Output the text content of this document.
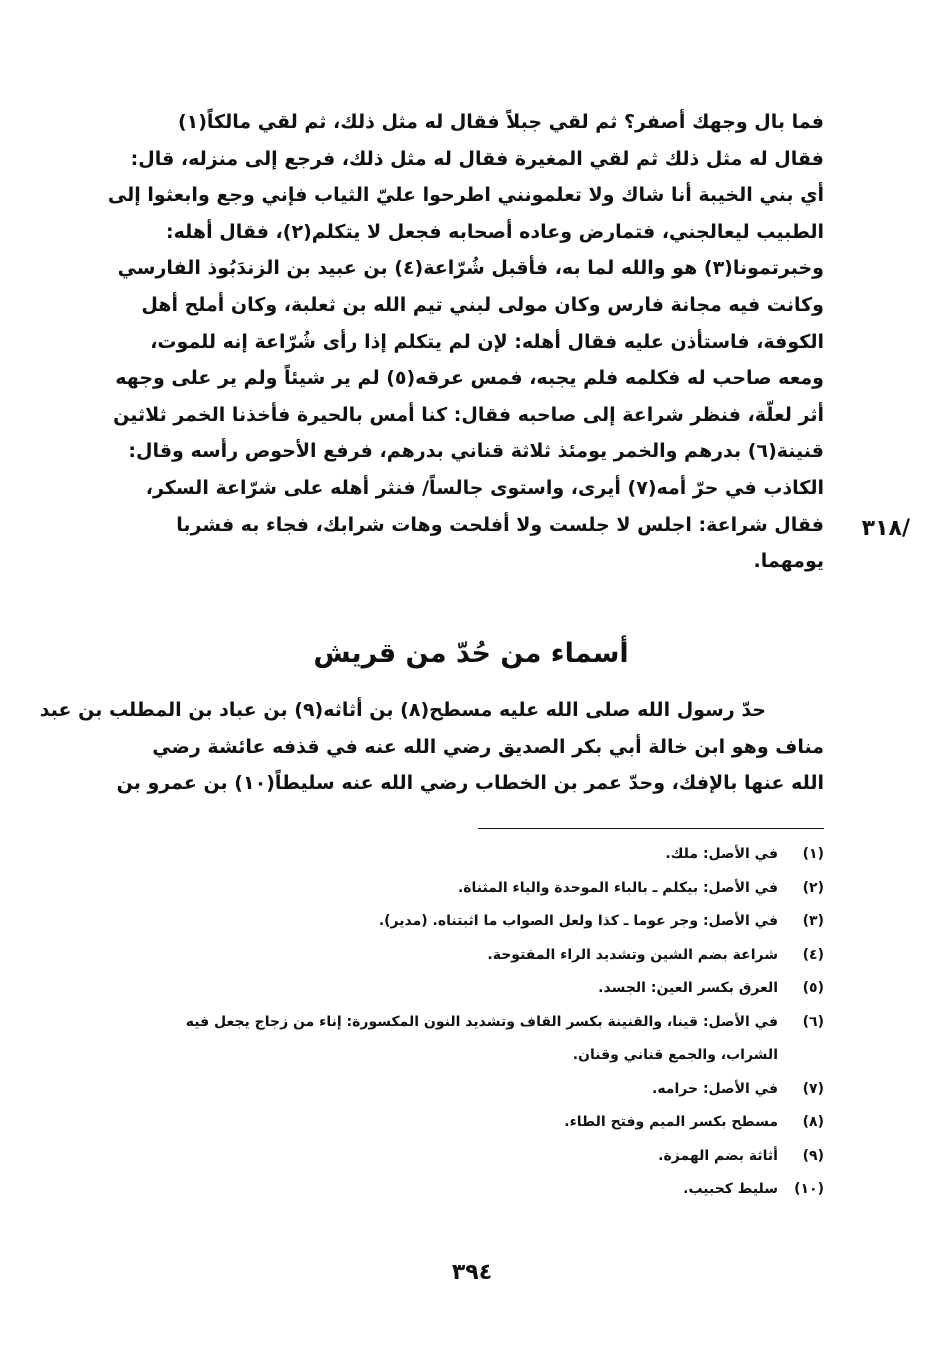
فما بال وجهك أصفر؟ ثم لقي جبلاً فقال له مثل ذلك، ثم لقي مالكاً(١)
فقال له مثل ذلك ثم لقي المغيرة فقال له مثل ذلك، فرجع إلى منزله، قال:
أي بني الخيبة أنا شاك ولا تعلمونني اطرحوا عليّ الثياب فإني وجع وابعثوا إلى
الطبيب ليعالجني، فتمارض وعاده أصحابه فجعل لا يتكلم(٢)، فقال أهله:
وخبرتمونا(٣) هو والله لما به، فأقبل شُرّاعة(٤) بن عبيد بن الزندَبُوذ الفارسي
وكانت فيه مجانة فارس وكان مولى لبني تيم الله بن ثعلبة، وكان أملح أهل
الكوفة، فاستأذن عليه فقال أهله: لإن لم يتكلم إذا رأى شُرّاعة إنه للموت،
ومعه صاحب له فكلمه فلم يجبه، فمس عرقه(٥) لم ير شيئاً ولم ير على وجهه
أثر لعلّة، فنظر شراعة إلى صاحبه فقال: كنا أمس بالحيرة فأخذنا الخمر ثلاثين
قنينة(٦) بدرهم والخمر يومئذ ثلاثة قناني بدرهم، فرفع الأحوص رأسه وقال:
الكاذب في حرّ أمه(٧) أيرى، واستوى جالساً/ فنثر أهله على شرّاعة السكر،
فقال شراعة: اجلس لا جلست ولا أفلحت وهات شرابك، فجاء به فشربا
يومهما.
/٣١٨
أسماء من حُدّ من قريش
حدّ رسول الله صلى الله عليه مسطح(٨) بن أثاثه(٩) بن عباد بن المطلب بن عبد
مناف وهو ابن خالة أبي بكر الصديق رضي الله عنه في قذفه عائشة رضي
الله عنها بالإفك، وحدّ عمر بن الخطاب رضي الله عنه سليطاً(١٠) بن عمرو بن
(١)
في الأصل: ملك.
(٢)
في الأصل: بيكلم ـ بالباء الموحدة والياء المثناة.
(٣)
في الأصل: وجر عوما ـ كذا ولعل الصواب ما اثبتناه. (مدير).
(٤)
شراعة بضم الشين وتشديد الراء المفتوحة.
(٥)
العرق بكسر العين: الجسد.
(٦)
في الأصل: قينا، والقنينة بكسر القاف وتشديد النون المكسورة: إناء من زجاج يجعل فيه
الشراب، والجمع قناني وقنان.
(٧)
في الأصل: حرامه.
(٨)
مسطح بكسر الميم وفتح الطاء.
(٩)
أثاثة بضم الهمزة.
(١٠)
سليط كحبيب.
٣٩٤
